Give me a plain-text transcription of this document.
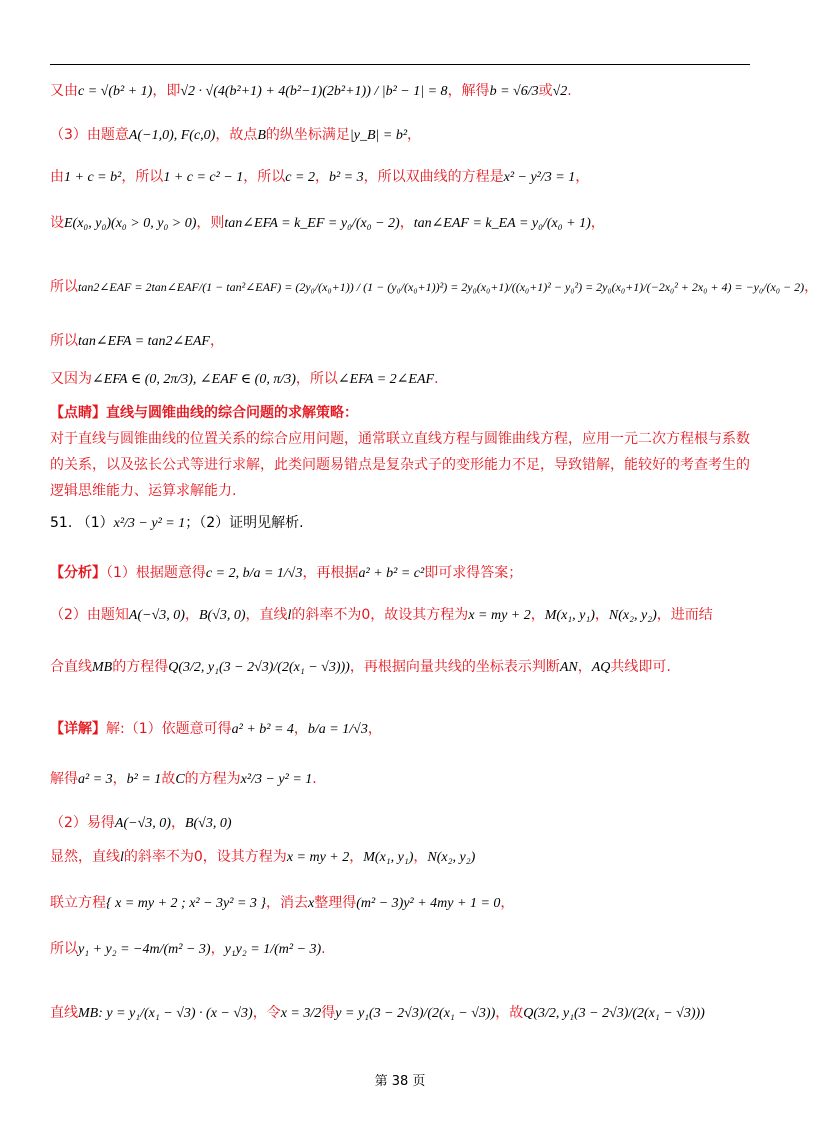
又由c = √(b² + 1)，即√2 · √(4(b²+1) + 4(b²−1)(2b²+1)) / |b² − 1| = 8，解得b = √6/3或√2.
（3）由题意A(−1,0), F(c,0)，故点B的纵坐标满足|y_B| = b²，
由1 + c = b²，所以1 + c = c² − 1，所以c = 2，b² = 3，所以双曲线的方程是x² − y²/3 = 1，
设E(x₀, y₀)(x₀ > 0, y₀ > 0)，则tan∠EFA = k_EF = y₀/(x₀ − 2)，tan∠EAF = k_EA = y₀/(x₀ + 1)，
所以tan2∠EAF = 2tan∠EAF/(1 − tan²∠EAF) = (2y₀/(x₀+1)) / (1 − (y₀/(x₀+1))²) = 2y₀(x₀+1)/((x₀+1)² − y₀²) = 2y₀(x₀+1)/(−2x₀² + 2x₀ + 4) = −y₀/(x₀ − 2)，
所以tan∠EFA = tan2∠EAF，
又因为∠EFA ∈ (0, 2π/3), ∠EAF ∈ (0, π/3)，所以∠EFA = 2∠EAF.
【点睛】直线与圆锥曲线的综合问题的求解策略：
对于直线与圆锥曲线的位置关系的综合应用问题，通常联立直线方程与圆锥曲线方程，应用一元二次方程根与系数的关系，以及弦长公式等进行求解，此类问题易错点是复杂式子的变形能力不足，导致错解，能较好的考查考生的逻辑思维能力、运算求解能力.
51. （1）x²/3 − y² = 1；（2）证明见解析.
【分析】（1）根据题意得c = 2, b/a = 1/√3，再根据a² + b² = c²即可求得答案；
（2）由题知A(−√3, 0)，B(√3, 0)，直线l的斜率不为0，故设其方程为x = my + 2，M(x₁, y₁)，N(x₂, y₂)，进而结
合直线MB的方程得Q(3/2, y₁(3 − 2√3)/(2(x₁ − √3)))，再根据向量共线的坐标表示判断AN，AQ共线即可.
【详解】解:（1）依题意可得a² + b² = 4，b/a = 1/√3，
解得a² = 3，b² = 1故C的方程为x²/3 − y² = 1.
（2）易得A(−√3, 0)，B(√3, 0)
显然，直线l的斜率不为0，设其方程为x = my + 2，M(x₁, y₁)，N(x₂, y₂)
联立方程{ x = my + 2 ; x² − 3y² = 3 }，消去x整理得(m² − 3)y² + 4my + 1 = 0，
所以y₁ + y₂ = −4m/(m² − 3)，y₁y₂ = 1/(m² − 3).
直线MB: y = y₁/(x₁ − √3) · (x − √3)，令x = 3/2得y = y₁(3 − 2√3)/(2(x₁ − √3))，故Q(3/2, y₁(3 − 2√3)/(2(x₁ − √3)))
第 38 页
